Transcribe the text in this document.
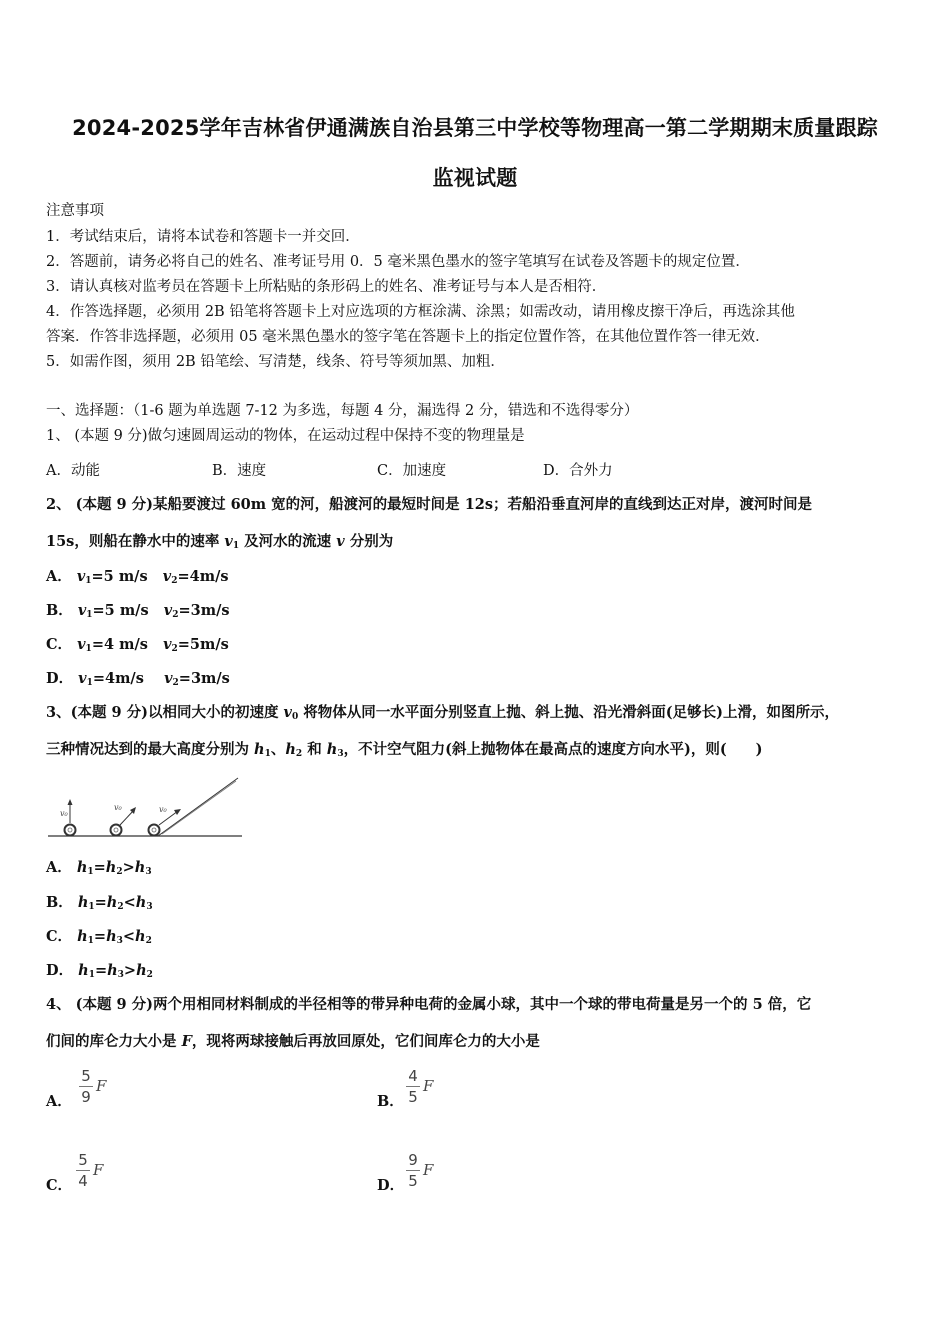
2024-2025学年吉林省伊通满族自治县第三中学校等物理高一第二学期期末质量跟踪
监视试题
注意事项
1．考试结束后，请将本试卷和答题卡一并交回．
2．答题前，请务必将自己的姓名、准考证号用 0．5 毫米黑色墨水的签字笔填写在试卷及答题卡的规定位置．
3．请认真核对监考员在答题卡上所粘贴的条形码上的姓名、准考证号与本人是否相符．
4．作答选择题，必须用 2B 铅笔将答题卡上对应选项的方框涂满、涂黑；如需改动，请用橡皮擦干净后，再选涂其他
答案．作答非选择题，必须用 05 毫米黑色墨水的签字笔在答题卡上的指定位置作答，在其他位置作答一律无效．
5．如需作图，须用 2B 铅笔绘、写清楚，线条、符号等须加黑、加粗．
一、选择题：（1-6 题为单选题 7-12 为多选，每题 4 分，漏选得 2 分，错选和不选得零分）
1、 (本题 9 分)做匀速圆周运动的物体，在运动过程中保持不变的物理量是
A．动能	B．速度	C．加速度	D．合外力
2、 (本题 9 分)某船要渡过 60m 宽的河，船渡河的最短时间是 12s；若船沿垂直河岸的直线到达正对岸，渡河时间是
15s，则船在静水中的速率 $v_1$ 及河水的流速 v 分别为
A． $v_1=5$ m/s $v_2=4m/s$
B． $v_1=5$ m/s $v_2=3m/s$
C． $v_1=4$ m/s $v_2=5m/s$
D． $v_1=4m/s$ $v_2=3m/s$
3、(本题 9 分)以相同大小的初速度 $v_0$ 将物体从同一水平面分别竖直上抛、斜上抛、沿光滑斜面(足够长)上滑，如图所示，
三种情况达到的最大高度分别为 $h_1$、$h_2$ 和 $h_3$，不计空气阻力(斜上抛物体在最高点的速度方向水平)，则(　　)
v₀
v₀	v₀
A． $h_1=h_2>h_3$
B． $h_1=h_2<h_3$
C． $h_1=h_3<h_2$
D． $h_1=h_3>h_2$
4、 (本题 9 分)两个用相同材料制成的半径相等的带异种电荷的金属小球，其中一个球的带电荷量是另一个的 5 倍，它
们间的库仑力大小是 F，现将两球接触后再放回原处，它们间库仑力的大小是
A．
5
9
F
B．
4
5
F
C．
5
4
F
D．
9
5
F
